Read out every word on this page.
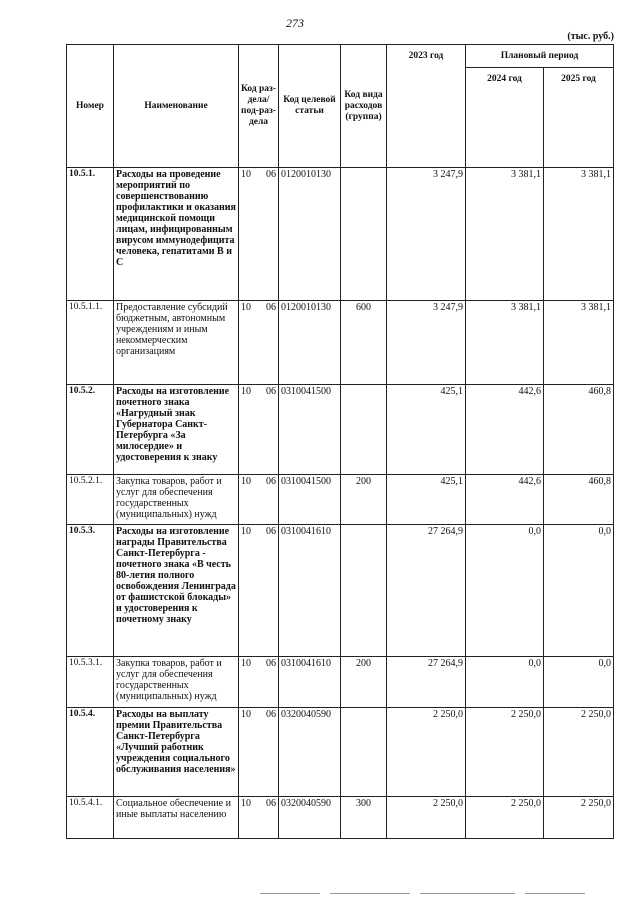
273
(тыс. руб.)
Номер	Наименование	Код раз-дела/ под-раз-дела	Код целевой статьи	Код вида расходов (группа)	2023 год	Плановый период	
						2024 год	2025 год
10.5.1.	Расходы на проведение мероприятий по совершенствованию профилактики и оказания медицинской помощи лицам, инфицированным вирусом иммунодефицита человека, гепатитами В и С	10 06	0120010130		3 247,9	3 381,1	3 381,1
10.5.1.1.	Предоставление субсидий бюджетным, автономным учреждениям и иным некоммерческим организациям	10 06	0120010130	600	3 247,9	3 381,1	3 381,1
10.5.2.	Расходы на изготовление почетного знака «Нагрудный знак Губернатора Санкт-Петербурга «За милосердие» и удостоверения к знаку	10 06	0310041500		425,1	442,6	460,8
10.5.2.1.	Закупка товаров, работ и услуг для обеспечения государственных (муниципальных) нужд	10 06	0310041500	200	425,1	442,6	460,8
10.5.3.	Расходы на изготовление награды Правительства Санкт-Петербурга - почетного знака «В честь 80-летия полного освобождения Ленинграда от фашистской блокады» и удостоверения к почетному знаку	10 06	0310041610		27 264,9	0,0	0,0
10.5.3.1.	Закупка товаров, работ и услуг для обеспечения государственных (муниципальных) нужд	10 06	0310041610	200	27 264,9	0,0	0,0
10.5.4.	Расходы на выплату премии Правительства Санкт-Петербурга «Лучший работник учреждения социального обслуживания населения»	10 06	0320040590		2 250,0	2 250,0	2 250,0
10.5.4.1.	Социальное обеспечение и иные выплаты населению	10 06	0320040590	300	2 250,0	2 250,0	2 250,0
